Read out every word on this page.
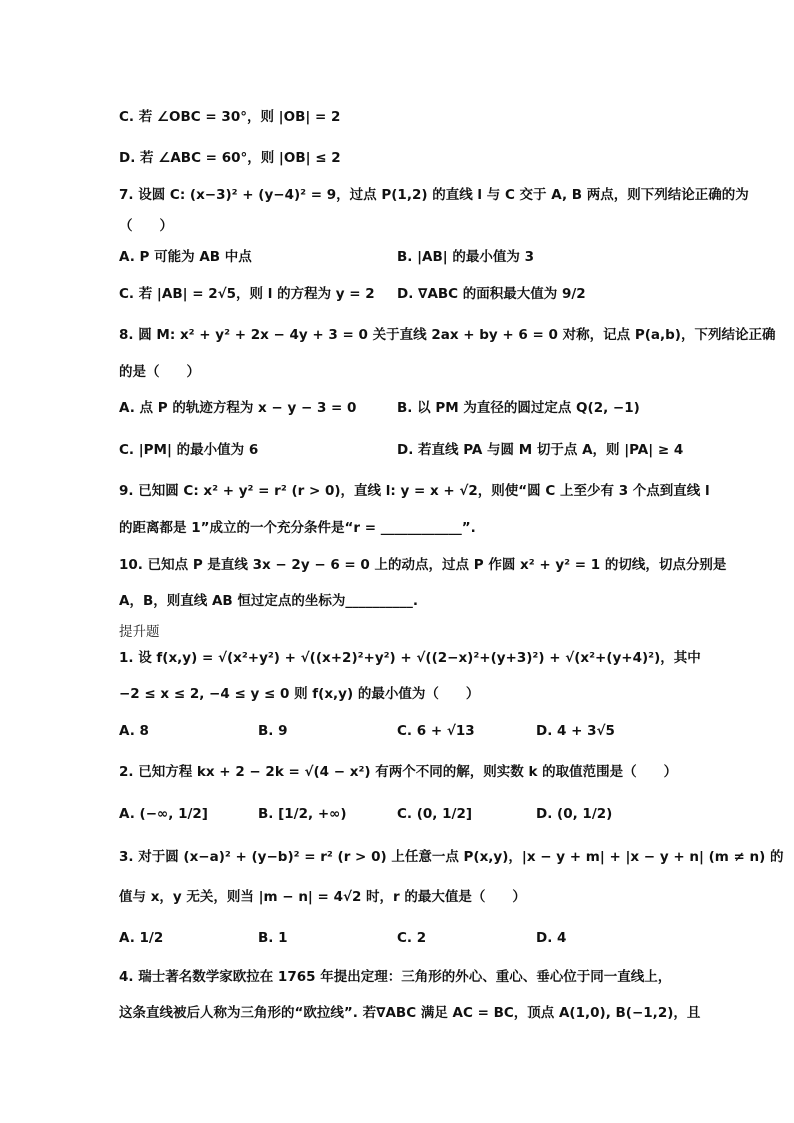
C. 若 ∠OBC = 30°，则 |OB| = 2
D. 若 ∠ABC = 60°，则 |OB| ≤ 2
7. 设圆 C: (x−3)² + (y−4)² = 9，过点 P(1,2) 的直线 l 与 C 交于 A, B 两点，则下列结论正确的为
（　　）
A. P 可能为 AB 中点	B. |AB| 的最小值为 3
C. 若 |AB| = 2√5，则 l 的方程为 y = 2 D. ∇ABC 的面积最大值为 9/2
8. 圆 M: x² + y² + 2x − 4y + 3 = 0 关于直线 2ax + by + 6 = 0 对称，记点 P(a,b)，下列结论正确
的是（　　）
A. 点 P 的轨迹方程为 x − y − 3 = 0	B. 以 PM 为直径的圆过定点 Q(2, −1)
C. |PM| 的最小值为 6	D. 若直线 PA 与圆 M 切于点 A，则 |PA| ≥ 4
9. 已知圆 C: x² + y² = r² (r > 0)，直线 l: y = x + √2，则使“圆 C 上至少有 3 个点到直线 l
的距离都是 1”成立的一个充分条件是“r = ____________”.
10. 已知点 P 是直线 3x − 2y − 6 = 0 上的动点，过点 P 作圆 x² + y² = 1 的切线，切点分别是
A，B，则直线 AB 恒过定点的坐标为__________.
提升题
1. 设 f(x,y) = √(x²+y²) + √((x+2)²+y²) + √((2−x)²+(y+3)²) + √(x²+(y+4)²)，其中
−2 ≤ x ≤ 2, −4 ≤ y ≤ 0 则 f(x,y) 的最小值为（　　）
A. 8	B. 9	C. 6 + √13	D. 4 + 3√5
2. 已知方程 kx + 2 − 2k = √(4 − x²) 有两个不同的解，则实数 k 的取值范围是（　　）
A. (−∞, 1/2]	B. [1/2, +∞)	C. (0, 1/2]	D. (0, 1/2)
3. 对于圆 (x−a)² + (y−b)² = r² (r > 0) 上任意一点 P(x,y)，|x − y + m| + |x − y + n| (m ≠ n) 的
值与 x，y 无关，则当 |m − n| = 4√2 时，r 的最大值是（　　）
A. 1/2	B. 1	C. 2	D. 4
4. 瑞士著名数学家欧拉在 1765 年提出定理：三角形的外心、重心、垂心位于同一直线上，
这条直线被后人称为三角形的“欧拉线”. 若∇ABC 满足 AC = BC，顶点 A(1,0), B(−1,2)，且
